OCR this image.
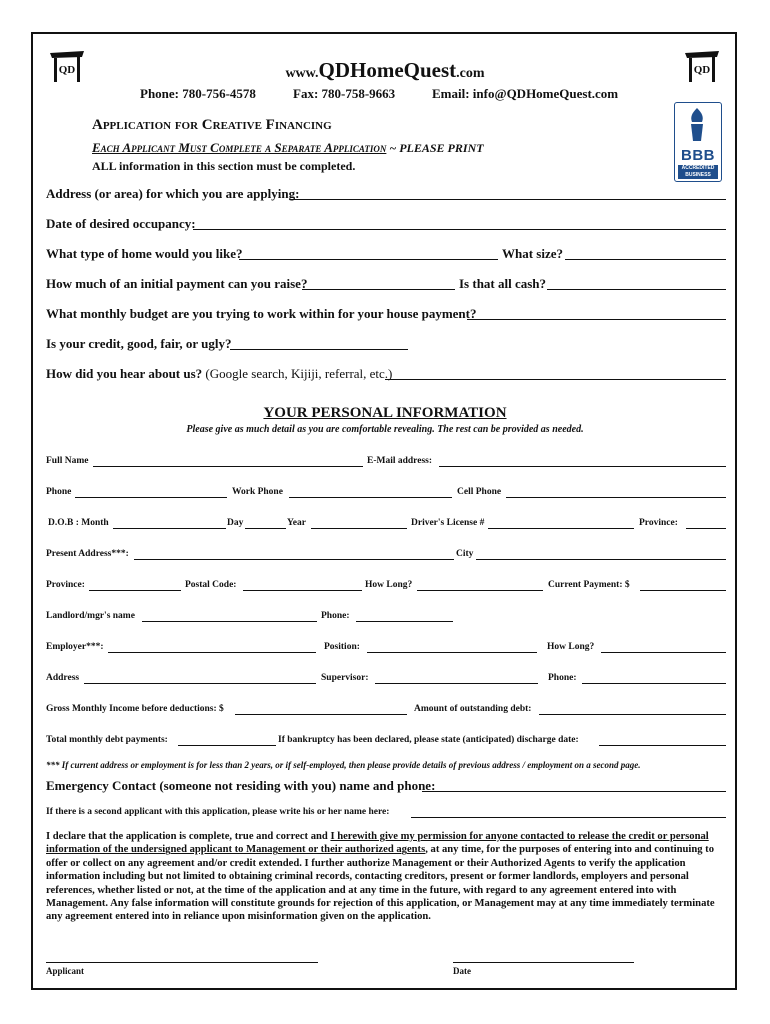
QD	QD
www.QDHomeQuest.com
Phone: 780-756-4578	Fax: 780-758-9663	Email: info@QDHomeQuest.com
BBB
ACCREDITED BUSINESS
Application for Creative Financing
Each Applicant Must Complete a Separate Application ~ PLEASE PRINT
ALL information in this section must be completed.
Address (or area) for which you are applying:
Date of desired occupancy:
What type of home would you like?	What size?
How much of an initial payment can you raise?	Is that all cash?
What monthly budget are you trying to work within for your house payment?
Is your credit, good, fair, or ugly?
How did you hear about us? (Google search, Kijiji, referral, etc.)
YOUR PERSONAL INFORMATION
Please give as much detail as you are comfortable revealing. The rest can be provided as needed.
Full Name	E-Mail address:
Phone	Work Phone	Cell Phone
D.O.B : Month	Day	Year	Driver's License #	Province:
Present Address***:	City
Province:	Postal Code:	How Long?	Current Payment: $
Landlord/mgr's name	Phone:
Employer***:	Position:	How Long?
Address	Supervisor:	Phone:
Gross Monthly Income before deductions: $	Amount of outstanding debt:
Total monthly debt payments:	If bankruptcy has been declared, please state (anticipated) discharge date:
*** If current address or employment is for less than 2 years, or if self-employed, then please provide details of previous address / employment on a second page.
Emergency Contact (someone not residing with you) name and phone:
If there is a second applicant with this application, please write his or her name here:
I declare that the application is complete, true and correct and I herewith give my permission for anyone contacted to release the credit or personal information of the undersigned applicant to Management or their authorized agents, at any time, for the purposes of entering into and continuing to offer or collect on any agreement and/or credit extended. I further authorize Management or their Authorized Agents to verify the application information including but not limited to obtaining criminal records, contacting creditors, present or former landlords, employers and personal references, whether listed or not, at the time of the application and at any time in the future, with regard to any agreement entered into with Management. Any false information will constitute grounds for rejection of this application, or Management may at any time immediately terminate any agreement entered into in reliance upon misinformation given on the application.
Applicant	Date
